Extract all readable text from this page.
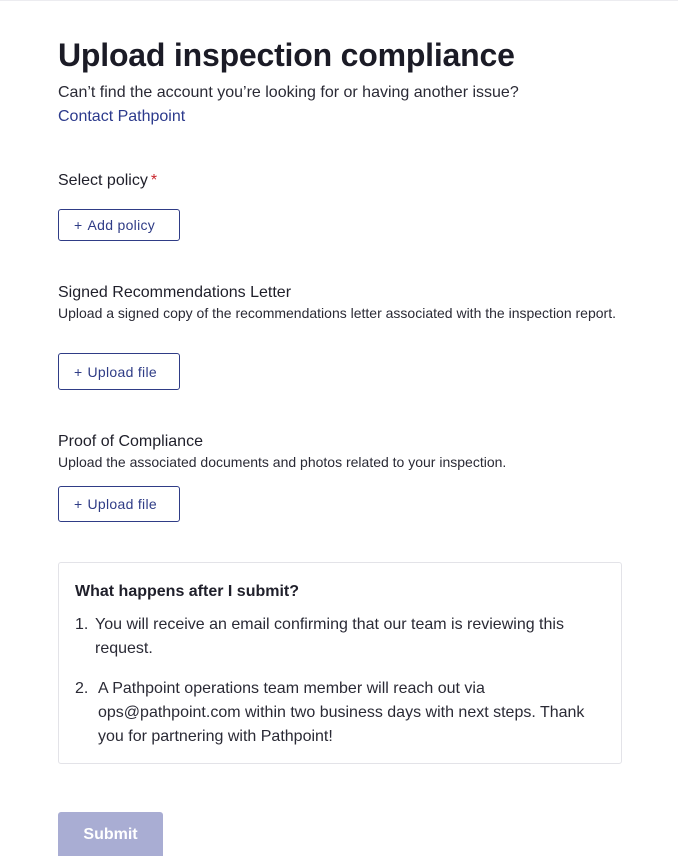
Upload inspection compliance
Can’t find the account you’re looking for or having another issue?
Contact Pathpoint
Select policy *
+ Add policy
Signed Recommendations Letter
Upload a signed copy of the recommendations letter associated with the inspection report.
+ Upload file
Proof of Compliance
Upload the associated documents and photos related to your inspection.
+ Upload file
What happens after I submit?
1. You will receive an email confirming that our team is reviewing this request.
2. A Pathpoint operations team member will reach out via ops@pathpoint.com within two business days with next steps. Thank you for partnering with Pathpoint!
Submit
